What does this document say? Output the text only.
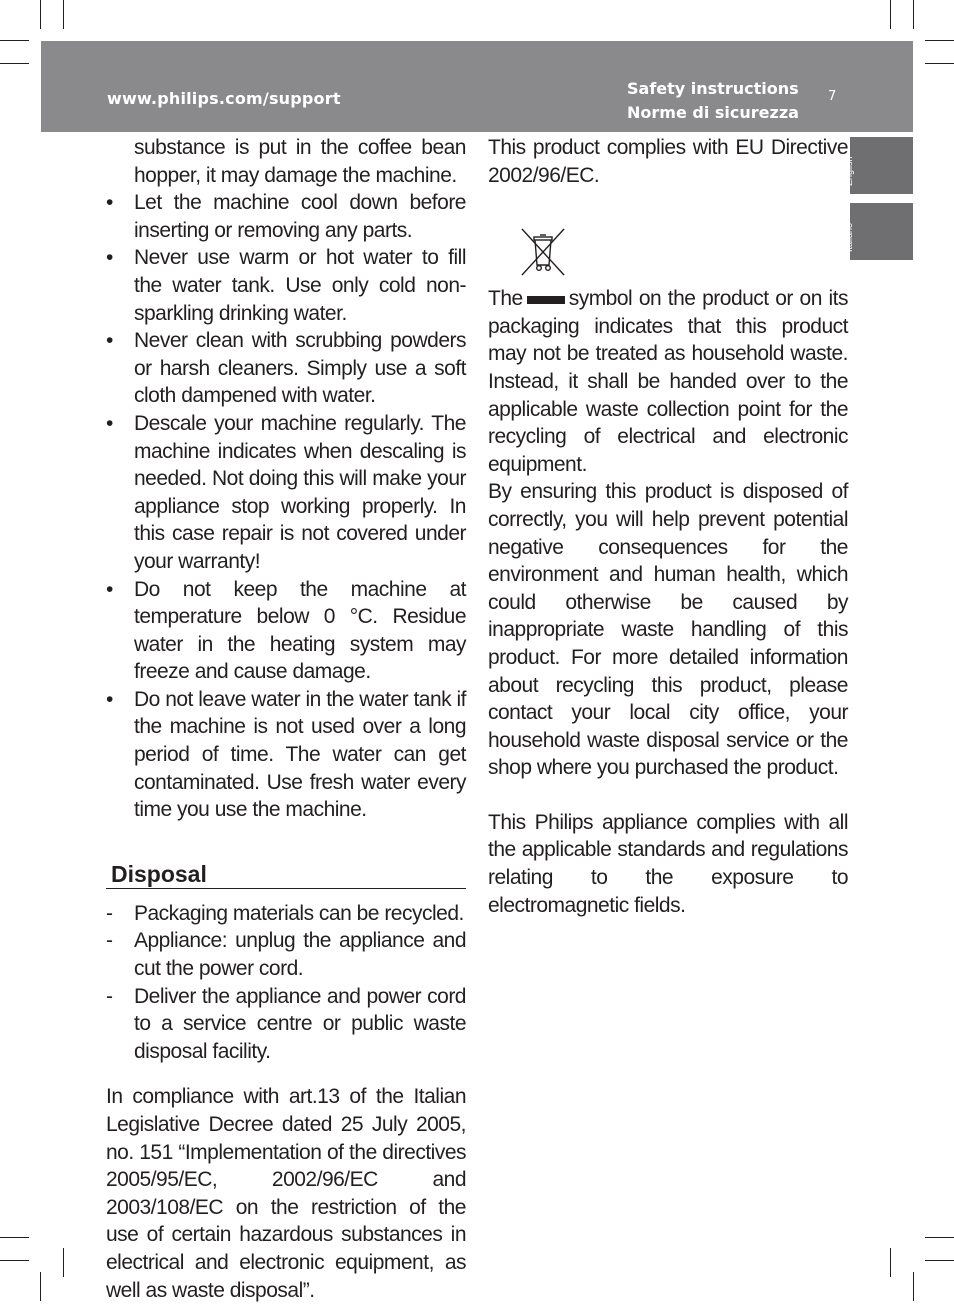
www.philips.com/support
Safety instructions
Norme di sicurezza
7
English
Italiano

substance is put in the coffee bean hopper, it may damage the machine.

•	Let the machine cool down before inserting or removing any parts.
•	Never use warm or hot water to fill the water tank. Use only cold non-sparkling drinking water.
•	Never clean with scrubbing powders or harsh cleaners. Simply use a soft cloth dampened with water.
•	Descale your machine regularly. The machine indicates when descaling is needed. Not doing this will make your appliance stop working properly. In this case repair is not covered under your warranty!
•	Do not keep the machine at temperature below 0 °C. Residue water in the heating system may freeze and cause damage.
•	Do not leave water in the water tank if the machine is not used over a long period of time. The water can get contaminated. Use fresh water every time you use the machine.
Disposal
-	Packaging materials can be recycled.
-	Appliance: unplug the appliance and cut the power cord.
-	Deliver the appliance and power cord to a service centre or public waste disposal facility.

In compliance with art.13 of the Italian Legislative Decree dated 25 July 2005, no. 151 “Implementation of the directives 2005/95/EC, 2002/96/EC and 2003/108/EC on the restriction of the use of certain hazardous substances in electrical and electronic equipment, as well as waste disposal”.

This product complies with EU Directive 2002/96/EC.

The symbol on the product or on its packaging indicates that this product may not be treated as household waste. Instead, it shall be handed over to the applicable waste collection point for the recycling of electrical and electronic equipment.

By ensuring this product is disposed of correctly, you will help prevent potential negative consequences for the environment and human health, which could otherwise be caused by inappropriate waste handling of this product. For more detailed information about recycling this product, please contact your local city office, your household waste disposal service or the shop where you purchased the product.

This Philips appliance complies with all the applicable standards and regulations relating to the exposure to electromagnetic fields.
